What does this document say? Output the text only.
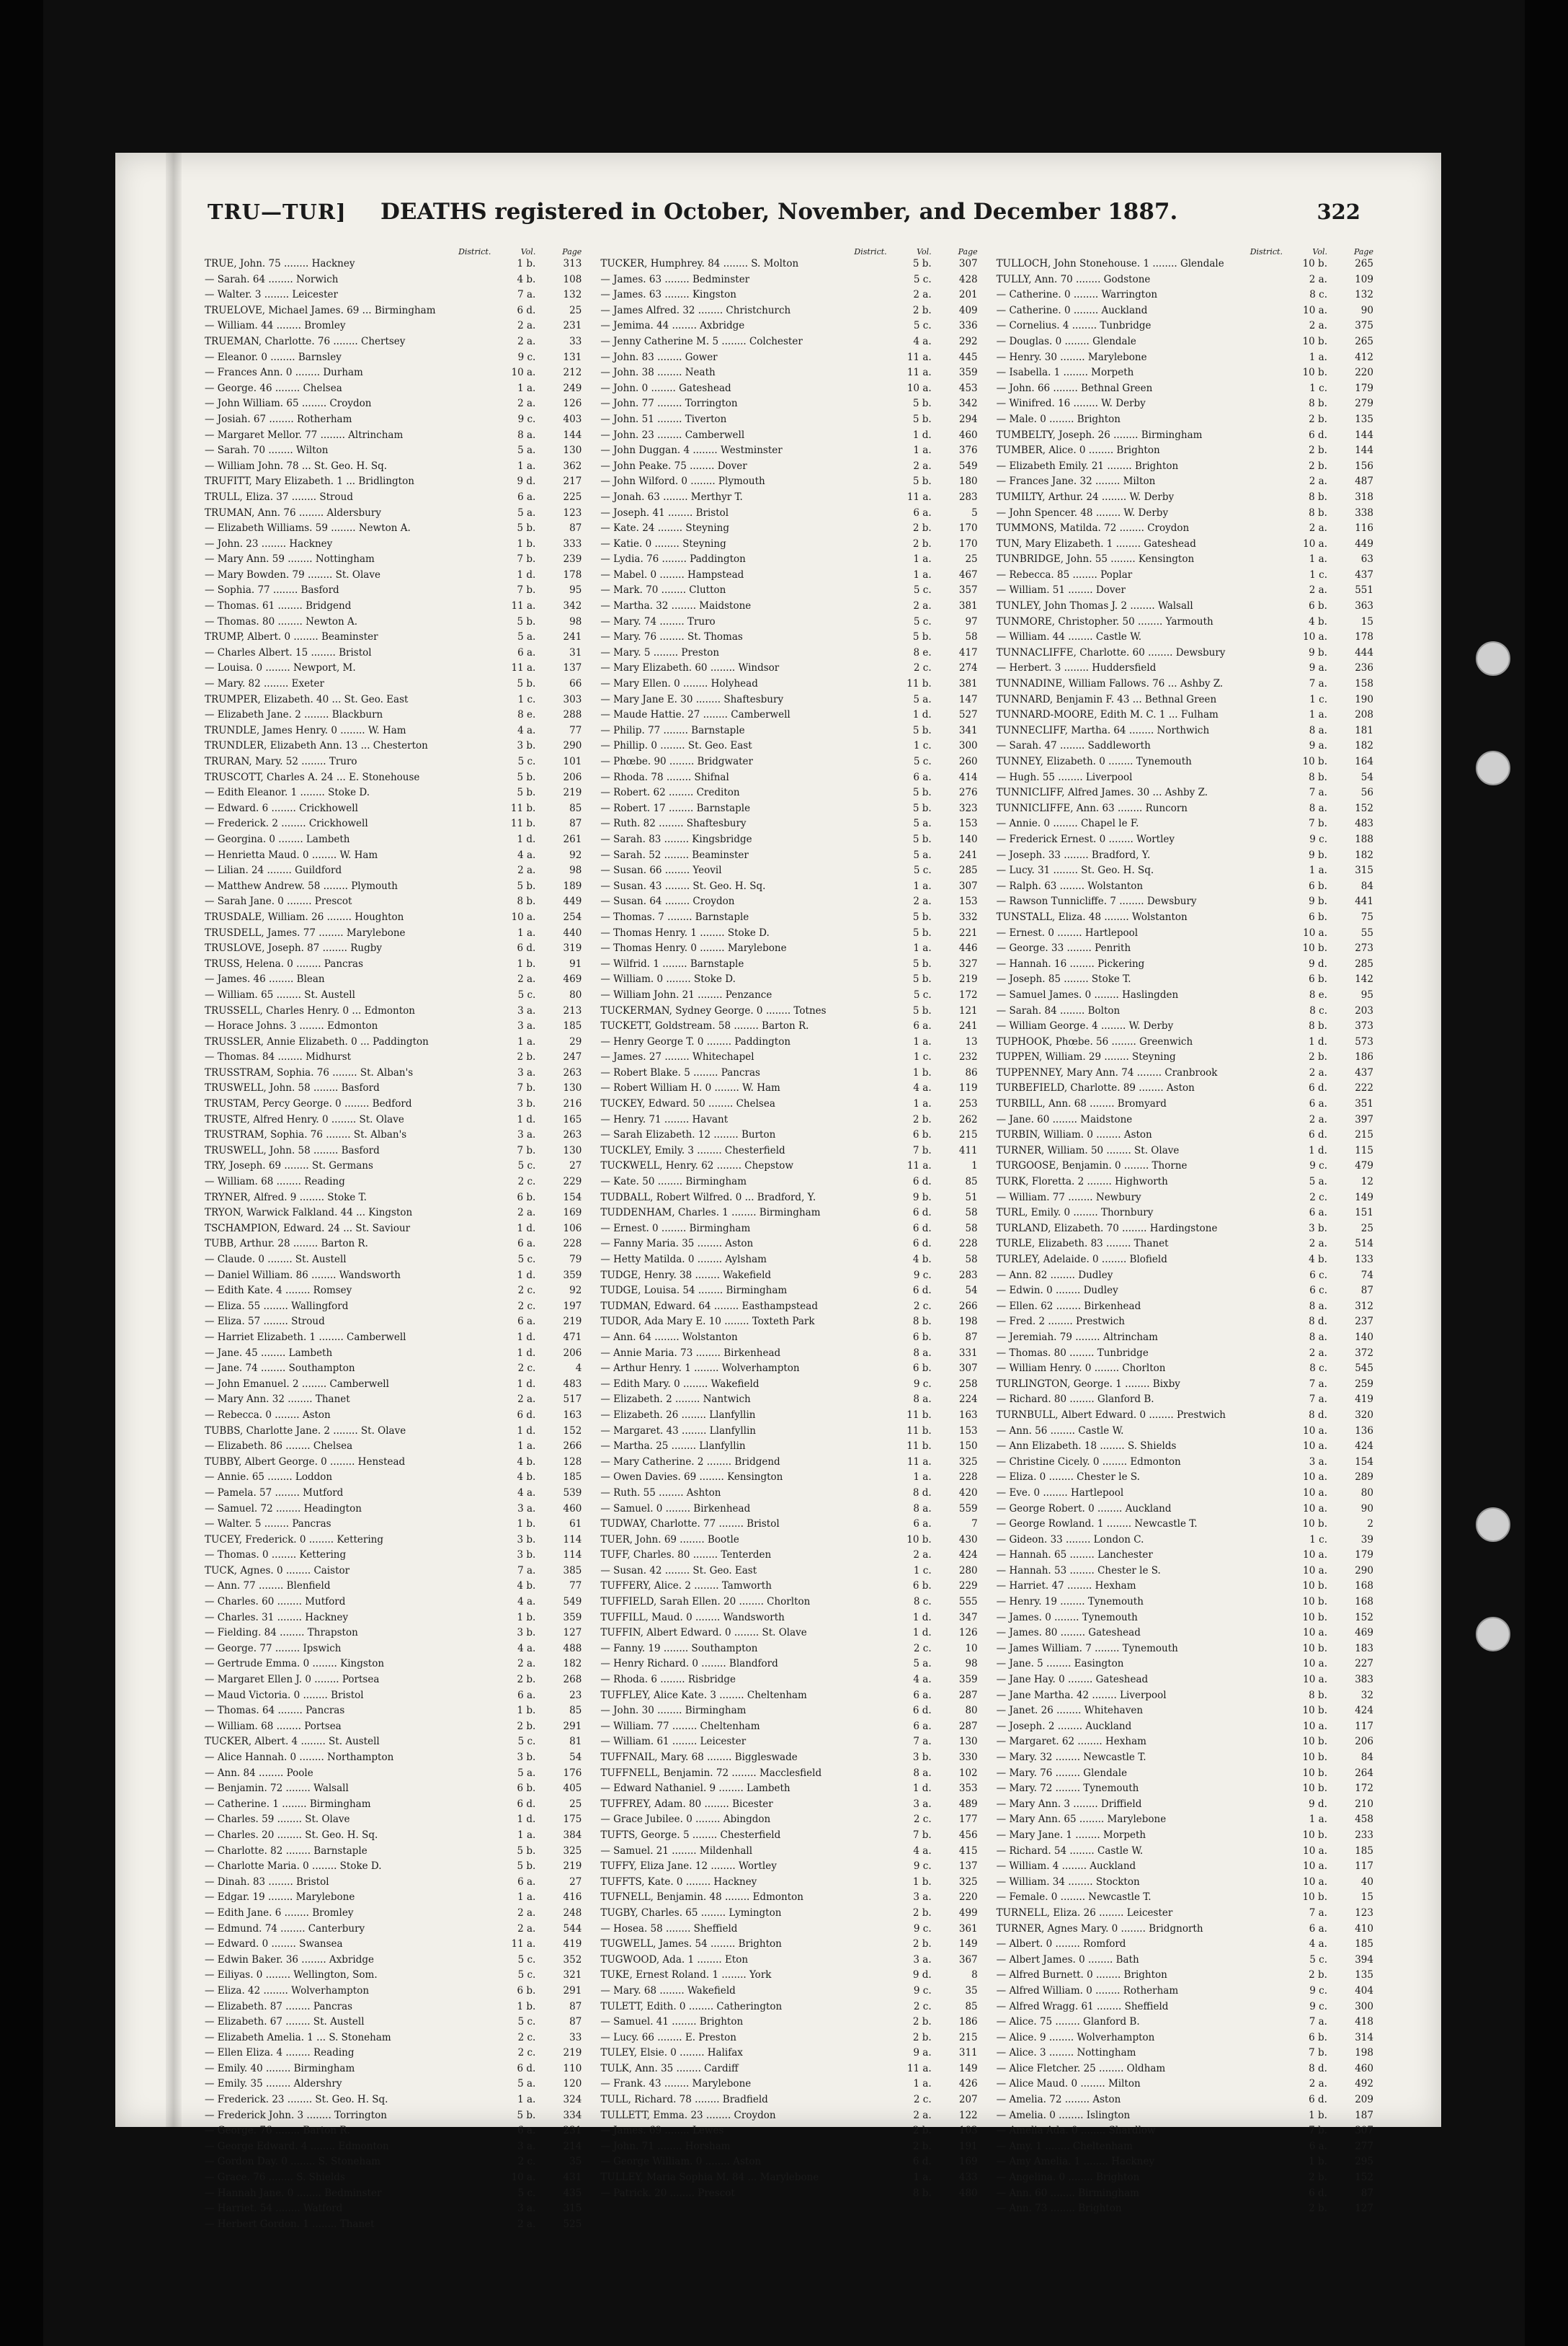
TRU—TUR]	DEATHS registered in October, November, and December 1887.	322
District.	Vol.	Page
TRUE, John. 75 ........ Hackney	1 b.	313
— Sarah. 64 ........ Norwich	4 b.	108
— Walter. 3 ........ Leicester	7 a.	132
TRUELOVE, Michael James. 69 ... Birmingham	6 d.	25
— William. 44 ........ Bromley	2 a.	231
TRUEMAN, Charlotte. 76 ........ Chertsey	2 a.	33
— Eleanor. 0 ........ Barnsley	9 c.	131
— Frances Ann. 0 ........ Durham	10 a.	212
— George. 46 ........ Chelsea	1 a.	249
— John William. 65 ........ Croydon	2 a.	126
— Josiah. 67 ........ Rotherham	9 c.	403
— Margaret Mellor. 77 ........ Altrincham	8 a.	144
— Sarah. 70 ........ Wilton	5 a.	130
— William John. 78 ... St. Geo. H. Sq.	1 a.	362
TRUFITT, Mary Elizabeth. 1 ... Bridlington	9 d.	217
TRULL, Eliza. 37 ........ Stroud	6 a.	225
TRUMAN, Ann. 76 ........ Aldersbury	5 a.	123
— Elizabeth Williams. 59 ........ Newton A.	5 b.	87
— John. 23 ........ Hackney	1 b.	333
— Mary Ann. 59 ........ Nottingham	7 b.	239
— Mary Bowden. 79 ........ St. Olave	1 d.	178
— Sophia. 77 ........ Basford	7 b.	95
— Thomas. 61 ........ Bridgend	11 a.	342
— Thomas. 80 ........ Newton A.	5 b.	98
TRUMP, Albert. 0 ........ Beaminster	5 a.	241
— Charles Albert. 15 ........ Bristol	6 a.	31
— Louisa. 0 ........ Newport, M.	11 a.	137
— Mary. 82 ........ Exeter	5 b.	66
TRUMPER, Elizabeth. 40 ... St. Geo. East	1 c.	303
— Elizabeth Jane. 2 ........ Blackburn	8 e.	288
TRUNDLE, James Henry. 0 ........ W. Ham	4 a.	77
TRUNDLER, Elizabeth Ann. 13 ... Chesterton	3 b.	290
TRURAN, Mary. 52 ........ Truro	5 c.	101
TRUSCOTT, Charles A. 24 ... E. Stonehouse	5 b.	206
— Edith Eleanor. 1 ........ Stoke D.	5 b.	219
— Edward. 6 ........ Crickhowell	11 b.	85
— Frederick. 2 ........ Crickhowell	11 b.	87
— Georgina. 0 ........ Lambeth	1 d.	261
— Henrietta Maud. 0 ........ W. Ham	4 a.	92
— Lilian. 24 ........ Guildford	2 a.	98
— Matthew Andrew. 58 ........ Plymouth	5 b.	189
— Sarah Jane. 0 ........ Prescot	8 b.	449
TRUSDALE, William. 26 ........ Houghton	10 a.	254
TRUSDELL, James. 77 ........ Marylebone	1 a.	440
TRUSLOVE, Joseph. 87 ........ Rugby	6 d.	319
TRUSS, Helena. 0 ........ Pancras	1 b.	91
— James. 46 ........ Blean	2 a.	469
— William. 65 ........ St. Austell	5 c.	80
TRUSSELL, Charles Henry. 0 ... Edmonton	3 a.	213
— Horace Johns. 3 ........ Edmonton	3 a.	185
TRUSSLER, Annie Elizabeth. 0 ... Paddington	1 a.	29
— Thomas. 84 ........ Midhurst	2 b.	247
TRUSSTRAM, Sophia. 76 ........ St. Alban's	3 a.	263
TRUSWELL, John. 58 ........ Basford	7 b.	130
TRUSTAM, Percy George. 0 ........ Bedford	3 b.	216
TRUSTE, Alfred Henry. 0 ........ St. Olave	1 d.	165
TRUSTRAM, Sophia. 76 ........ St. Alban's	3 a.	263
TRUSWELL, John. 58 ........ Basford	7 b.	130
TRY, Joseph. 69 ........ St. Germans	5 c.	27
— William. 68 ........ Reading	2 c.	229
TRYNER, Alfred. 9 ........ Stoke T.	6 b.	154
TRYON, Warwick Falkland. 44 ... Kingston	2 a.	169
TSCHAMPION, Edward. 24 ... St. Saviour	1 d.	106
TUBB, Arthur. 28 ........ Barton R.	6 a.	228
— Claude. 0 ........ St. Austell	5 c.	79
— Daniel William. 86 ........ Wandsworth	1 d.	359
— Edith Kate. 4 ........ Romsey	2 c.	92
— Eliza. 55 ........ Wallingford	2 c.	197
— Eliza. 57 ........ Stroud	6 a.	219
— Harriet Elizabeth. 1 ........ Camberwell	1 d.	471
— Jane. 45 ........ Lambeth	1 d.	206
— Jane. 74 ........ Southampton	2 c.	4
— John Emanuel. 2 ........ Camberwell	1 d.	483
— Mary Ann. 32 ........ Thanet	2 a.	517
— Rebecca. 0 ........ Aston	6 d.	163
TUBBS, Charlotte Jane. 2 ........ St. Olave	1 d.	152
— Elizabeth. 86 ........ Chelsea	1 a.	266
TUBBY, Albert George. 0 ........ Henstead	4 b.	128
— Annie. 65 ........ Loddon	4 b.	185
— Pamela. 57 ........ Mutford	4 a.	539
— Samuel. 72 ........ Headington	3 a.	460
— Walter. 5 ........ Pancras	1 b.	61
TUCEY, Frederick. 0 ........ Kettering	3 b.	114
— Thomas. 0 ........ Kettering	3 b.	114
TUCK, Agnes. 0 ........ Caistor	7 a.	385
— Ann. 77 ........ Blenfield	4 b.	77
— Charles. 60 ........ Mutford	4 a.	549
— Charles. 31 ........ Hackney	1 b.	359
— Fielding. 84 ........ Thrapston	3 b.	127
— George. 77 ........ Ipswich	4 a.	488
— Gertrude Emma. 0 ........ Kingston	2 a.	182
— Margaret Ellen J. 0 ........ Portsea	2 b.	268
— Maud Victoria. 0 ........ Bristol	6 a.	23
— Thomas. 64 ........ Pancras	1 b.	85
— William. 68 ........ Portsea	2 b.	291
TUCKER, Albert. 4 ........ St. Austell	5 c.	81
— Alice Hannah. 0 ........ Northampton	3 b.	54
— Ann. 84 ........ Poole	5 a.	176
— Benjamin. 72 ........ Walsall	6 b.	405
— Catherine. 1 ........ Birmingham	6 d.	25
— Charles. 59 ........ St. Olave	1 d.	175
— Charles. 20 ........ St. Geo. H. Sq.	1 a.	384
— Charlotte. 82 ........ Barnstaple	5 b.	325
— Charlotte Maria. 0 ........ Stoke D.	5 b.	219
— Dinah. 83 ........ Bristol	6 a.	27
— Edgar. 19 ........ Marylebone	1 a.	416
— Edith Jane. 6 ........ Bromley	2 a.	248
— Edmund. 74 ........ Canterbury	2 a.	544
— Edward. 0 ........ Swansea	11 a.	419
— Edwin Baker. 36 ........ Axbridge	5 c.	352
— Eiliyas. 0 ........ Wellington, Som.	5 c.	321
— Eliza. 42 ........ Wolverhampton	6 b.	291
— Elizabeth. 87 ........ Pancras	1 b.	87
— Elizabeth. 67 ........ St. Austell	5 c.	87
— Elizabeth Amelia. 1 ... S. Stoneham	2 c.	33
— Ellen Eliza. 4 ........ Reading	2 c.	219
— Emily. 40 ........ Birmingham	6 d.	110
— Emily. 35 ........ Aldershry	5 a.	120
— Frederick. 23 ........ St. Geo. H. Sq.	1 a.	324
— Frederick John. 3 ........ Torrington	5 b.	334
— George. 76 ........ Barton R.	6 a.	231
— George Edward. 4 ........ Edmonton	3 a.	214
— Gordon Day. 0 ........ S. Stoneham	2 c.	35
— Grace. 76 ........ S. Shields	10 a.	431
— Hannah Jane. 0 ........ Bedminster	5 c.	435
— Harriet. 54 ........ Watford	3 a.	315
— Herbert Gordon. 1 ........ Thanet	2 a.	525
District.	Vol.	Page
TUCKER, Humphrey. 84 ........ S. Molton	5 b.	307
— James. 63 ........ Bedminster	5 c.	428
— James. 63 ........ Kingston	2 a.	201
— James Alfred. 32 ........ Christchurch	2 b.	409
— Jemima. 44 ........ Axbridge	5 c.	336
— Jenny Catherine M. 5 ........ Colchester	4 a.	292
— John. 83 ........ Gower	11 a.	445
— John. 38 ........ Neath	11 a.	359
— John. 0 ........ Gateshead	10 a.	453
— John. 77 ........ Torrington	5 b.	342
— John. 51 ........ Tiverton	5 b.	294
— John. 23 ........ Camberwell	1 d.	460
— John Duggan. 4 ........ Westminster	1 a.	376
— John Peake. 75 ........ Dover	2 a.	549
— John Wilford. 0 ........ Plymouth	5 b.	180
— Jonah. 63 ........ Merthyr T.	11 a.	283
— Joseph. 41 ........ Bristol	6 a.	5
— Kate. 24 ........ Steyning	2 b.	170
— Katie. 0 ........ Steyning	2 b.	170
— Lydia. 76 ........ Paddington	1 a.	25
— Mabel. 0 ........ Hampstead	1 a.	467
— Mark. 70 ........ Clutton	5 c.	357
— Martha. 32 ........ Maidstone	2 a.	381
— Mary. 74 ........ Truro	5 c.	97
— Mary. 76 ........ St. Thomas	5 b.	58
— Mary. 5 ........ Preston	8 e.	417
— Mary Elizabeth. 60 ........ Windsor	2 c.	274
— Mary Ellen. 0 ........ Holyhead	11 b.	381
— Mary Jane E. 30 ........ Shaftesbury	5 a.	147
— Maude Hattie. 27 ........ Camberwell	1 d.	527
— Philip. 77 ........ Barnstaple	5 b.	341
— Phillip. 0 ........ St. Geo. East	1 c.	300
— Phœbe. 90 ........ Bridgwater	5 c.	260
— Rhoda. 78 ........ Shifnal	6 a.	414
— Robert. 62 ........ Crediton	5 b.	276
— Robert. 17 ........ Barnstaple	5 b.	323
— Ruth. 82 ........ Shaftesbury	5 a.	153
— Sarah. 83 ........ Kingsbridge	5 b.	140
— Sarah. 52 ........ Beaminster	5 a.	241
— Susan. 66 ........ Yeovil	5 c.	285
— Susan. 43 ........ St. Geo. H. Sq.	1 a.	307
— Susan. 64 ........ Croydon	2 a.	153
— Thomas. 7 ........ Barnstaple	5 b.	332
— Thomas Henry. 1 ........ Stoke D.	5 b.	221
— Thomas Henry. 0 ........ Marylebone	1 a.	446
— Wilfrid. 1 ........ Barnstaple	5 b.	327
— William. 0 ........ Stoke D.	5 b.	219
— William John. 21 ........ Penzance	5 c.	172
TUCKERMAN, Sydney George. 0 ........ Totnes	5 b.	121
TUCKETT, Goldstream. 58 ........ Barton R.	6 a.	241
— Henry George T. 0 ........ Paddington	1 a.	13
— James. 27 ........ Whitechapel	1 c.	232
— Robert Blake. 5 ........ Pancras	1 b.	86
— Robert William H. 0 ........ W. Ham	4 a.	119
TUCKEY, Edward. 50 ........ Chelsea	1 a.	253
— Henry. 71 ........ Havant	2 b.	262
— Sarah Elizabeth. 12 ........ Burton	6 b.	215
TUCKLEY, Emily. 3 ........ Chesterfield	7 b.	411
TUCKWELL, Henry. 62 ........ Chepstow	11 a.	1
— Kate. 50 ........ Birmingham	6 d.	85
TUDBALL, Robert Wilfred. 0 ... Bradford, Y.	9 b.	51
TUDDENHAM, Charles. 1 ........ Birmingham	6 d.	58
— Ernest. 0 ........ Birmingham	6 d.	58
— Fanny Maria. 35 ........ Aston	6 d.	228
— Hetty Matilda. 0 ........ Aylsham	4 b.	58
TUDGE, Henry. 38 ........ Wakefield	9 c.	283
TUDGE, Louisa. 54 ........ Birmingham	6 d.	54
TUDMAN, Edward. 64 ........ Easthampstead	2 c.	266
TUDOR, Ada Mary E. 10 ........ Toxteth Park	8 b.	198
— Ann. 64 ........ Wolstanton	6 b.	87
— Annie Maria. 73 ........ Birkenhead	8 a.	331
— Arthur Henry. 1 ........ Wolverhampton	6 b.	307
— Edith Mary. 0 ........ Wakefield	9 c.	258
— Elizabeth. 2 ........ Nantwich	8 a.	224
— Elizabeth. 26 ........ Llanfyllin	11 b.	163
— Margaret. 43 ........ Llanfyllin	11 b.	153
— Martha. 25 ........ Llanfyllin	11 b.	150
— Mary Catherine. 2 ........ Bridgend	11 a.	325
— Owen Davies. 69 ........ Kensington	1 a.	228
— Ruth. 55 ........ Ashton	8 d.	420
— Samuel. 0 ........ Birkenhead	8 a.	559
TUDWAY, Charlotte. 77 ........ Bristol	6 a.	7
TUER, John. 69 ........ Bootle	10 b.	430
TUFF, Charles. 80 ........ Tenterden	2 a.	424
— Susan. 42 ........ St. Geo. East	1 c.	280
TUFFERY, Alice. 2 ........ Tamworth	6 b.	229
TUFFIELD, Sarah Ellen. 20 ........ Chorlton	8 c.	555
TUFFILL, Maud. 0 ........ Wandsworth	1 d.	347
TUFFIN, Albert Edward. 0 ........ St. Olave	1 d.	126
— Fanny. 19 ........ Southampton	2 c.	10
— Henry Richard. 0 ........ Blandford	5 a.	98
— Rhoda. 6 ........ Risbridge	4 a.	359
TUFFLEY, Alice Kate. 3 ........ Cheltenham	6 a.	287
— John. 30 ........ Birmingham	6 d.	80
— William. 77 ........ Cheltenham	6 a.	287
— William. 61 ........ Leicester	7 a.	130
TUFFNAIL, Mary. 68 ........ Biggleswade	3 b.	330
TUFFNELL, Benjamin. 72 ........ Macclesfield	8 a.	102
— Edward Nathaniel. 9 ........ Lambeth	1 d.	353
TUFFREY, Adam. 80 ........ Bicester	3 a.	489
— Grace Jubilee. 0 ........ Abingdon	2 c.	177
TUFTS, George. 5 ........ Chesterfield	7 b.	456
— Samuel. 21 ........ Mildenhall	4 a.	415
TUFFY, Eliza Jane. 12 ........ Wortley	9 c.	137
TUFFTS, Kate. 0 ........ Hackney	1 b.	325
TUFNELL, Benjamin. 48 ........ Edmonton	3 a.	220
TUGBY, Charles. 65 ........ Lymington	2 b.	499
— Hosea. 58 ........ Sheffield	9 c.	361
TUGWELL, James. 54 ........ Brighton	2 b.	149
TUGWOOD, Ada. 1 ........ Eton	3 a.	367
TUKE, Ernest Roland. 1 ........ York	9 d.	8
— Mary. 68 ........ Wakefield	9 c.	35
TULETT, Edith. 0 ........ Catherington	2 c.	85
— Samuel. 41 ........ Brighton	2 b.	186
— Lucy. 66 ........ E. Preston	2 b.	215
TULEY, Elsie. 0 ........ Halifax	9 a.	311
TULK, Ann. 35 ........ Cardiff	11 a.	149
— Frank. 43 ........ Marylebone	1 a.	426
TULL, Richard. 78 ........ Bradfield	2 c.	207
TULLETT, Emma. 23 ........ Croydon	2 a.	122
— James. 69 ........ Lewes	2 b.	103
— John. 71 ........ Horsham	2 b.	191
— George William. 0 ........ Aston	6 d.	169
TULLEY, Maria Sophia M. 84 ... Marylebone	1 a.	433
— Patrick. 20 ........ Prescot	8 b.	480
District.	Vol.	Page
TULLOCH, John Stonehouse. 1 ........ Glendale	10 b.	265
TULLY, Ann. 70 ........ Godstone	2 a.	109
— Catherine. 0 ........ Warrington	8 c.	132
— Catherine. 0 ........ Auckland	10 a.	90
— Cornelius. 4 ........ Tunbridge	2 a.	375
— Douglas. 0 ........ Glendale	10 b.	265
— Henry. 30 ........ Marylebone	1 a.	412
— Isabella. 1 ........ Morpeth	10 b.	220
— John. 66 ........ Bethnal Green	1 c.	179
— Winifred. 16 ........ W. Derby	8 b.	279
— Male. 0 ........ Brighton	2 b.	135
TUMBELTY, Joseph. 26 ........ Birmingham	6 d.	144
TUMBER, Alice. 0 ........ Brighton	2 b.	144
— Elizabeth Emily. 21 ........ Brighton	2 b.	156
— Frances Jane. 32 ........ Milton	2 a.	487
TUMILTY, Arthur. 24 ........ W. Derby	8 b.	318
— John Spencer. 48 ........ W. Derby	8 b.	338
TUMMONS, Matilda. 72 ........ Croydon	2 a.	116
TUN, Mary Elizabeth. 1 ........ Gateshead	10 a.	449
TUNBRIDGE, John. 55 ........ Kensington	1 a.	63
— Rebecca. 85 ........ Poplar	1 c.	437
— William. 51 ........ Dover	2 a.	551
TUNLEY, John Thomas J. 2 ........ Walsall	6 b.	363
TUNMORE, Christopher. 50 ........ Yarmouth	4 b.	15
— William. 44 ........ Castle W.	10 a.	178
TUNNACLIFFE, Charlotte. 60 ........ Dewsbury	9 b.	444
— Herbert. 3 ........ Huddersfield	9 a.	236
TUNNADINE, William Fallows. 76 ... Ashby Z.	7 a.	158
TUNNARD, Benjamin F. 43 ... Bethnal Green	1 c.	190
TUNNARD-MOORE, Edith M. C. 1 ... Fulham	1 a.	208
TUNNECLIFF, Martha. 64 ........ Northwich	8 a.	181
— Sarah. 47 ........ Saddleworth	9 a.	182
TUNNEY, Elizabeth. 0 ........ Tynemouth	10 b.	164
— Hugh. 55 ........ Liverpool	8 b.	54
TUNNICLIFF, Alfred James. 30 ... Ashby Z.	7 a.	56
TUNNICLIFFE, Ann. 63 ........ Runcorn	8 a.	152
— Annie. 0 ........ Chapel le F.	7 b.	483
— Frederick Ernest. 0 ........ Wortley	9 c.	188
— Joseph. 33 ........ Bradford, Y.	9 b.	182
— Lucy. 31 ........ St. Geo. H. Sq.	1 a.	315
— Ralph. 63 ........ Wolstanton	6 b.	84
— Rawson Tunnicliffe. 7 ........ Dewsbury	9 b.	441
TUNSTALL, Eliza. 48 ........ Wolstanton	6 b.	75
— Ernest. 0 ........ Hartlepool	10 a.	55
— George. 33 ........ Penrith	10 b.	273
— Hannah. 16 ........ Pickering	9 d.	285
— Joseph. 85 ........ Stoke T.	6 b.	142
— Samuel James. 0 ........ Haslingden	8 e.	95
— Sarah. 84 ........ Bolton	8 c.	203
— William George. 4 ........ W. Derby	8 b.	373
TUPHOOK, Phœbe. 56 ........ Greenwich	1 d.	573
TUPPEN, William. 29 ........ Steyning	2 b.	186
TUPPENNEY, Mary Ann. 74 ........ Cranbrook	2 a.	437
TURBEFIELD, Charlotte. 89 ........ Aston	6 d.	222
TURBILL, Ann. 68 ........ Bromyard	6 a.	351
— Jane. 60 ........ Maidstone	2 a.	397
TURBIN, William. 0 ........ Aston	6 d.	215
TURNER, William. 50 ........ St. Olave	1 d.	115
TURGOOSE, Benjamin. 0 ........ Thorne	9 c.	479
TURK, Floretta. 2 ........ Highworth	5 a.	12
— William. 77 ........ Newbury	2 c.	149
TURL, Emily. 0 ........ Thornbury	6 a.	151
TURLAND, Elizabeth. 70 ........ Hardingstone	3 b.	25
TURLE, Elizabeth. 83 ........ Thanet	2 a.	514
TURLEY, Adelaide. 0 ........ Blofield	4 b.	133
— Ann. 82 ........ Dudley	6 c.	74
— Edwin. 0 ........ Dudley	6 c.	87
— Ellen. 62 ........ Birkenhead	8 a.	312
— Fred. 2 ........ Prestwich	8 d.	237
— Jeremiah. 79 ........ Altrincham	8 a.	140
— Thomas. 80 ........ Tunbridge	2 a.	372
— William Henry. 0 ........ Chorlton	8 c.	545
TURLINGTON, George. 1 ........ Bixby	7 a.	259
— Richard. 80 ........ Glanford B.	7 a.	419
TURNBULL, Albert Edward. 0 ........ Prestwich	8 d.	320
— Ann. 56 ........ Castle W.	10 a.	136
— Ann Elizabeth. 18 ........ S. Shields	10 a.	424
— Christine Cicely. 0 ........ Edmonton	3 a.	154
— Eliza. 0 ........ Chester le S.	10 a.	289
— Eve. 0 ........ Hartlepool	10 a.	80
— George Robert. 0 ........ Auckland	10 a.	90
— George Rowland. 1 ........ Newcastle T.	10 b.	2
— Gideon. 33 ........ London C.	1 c.	39
— Hannah. 65 ........ Lanchester	10 a.	179
— Hannah. 53 ........ Chester le S.	10 a.	290
— Harriet. 47 ........ Hexham	10 b.	168
— Henry. 19 ........ Tynemouth	10 b.	168
— James. 0 ........ Tynemouth	10 b.	152
— James. 80 ........ Gateshead	10 a.	469
— James William. 7 ........ Tynemouth	10 b.	183
— Jane. 5 ........ Easington	10 a.	227
— Jane Hay. 0 ........ Gateshead	10 a.	383
— Jane Martha. 42 ........ Liverpool	8 b.	32
— Janet. 26 ........ Whitehaven	10 b.	424
— Joseph. 2 ........ Auckland	10 a.	117
— Margaret. 62 ........ Hexham	10 b.	206
— Mary. 32 ........ Newcastle T.	10 b.	84
— Mary. 76 ........ Glendale	10 b.	264
— Mary. 72 ........ Tynemouth	10 b.	172
— Mary Ann. 3 ........ Driffield	9 d.	210
— Mary Ann. 65 ........ Marylebone	1 a.	458
— Mary Jane. 1 ........ Morpeth	10 b.	233
— Richard. 54 ........ Castle W.	10 a.	185
— William. 4 ........ Auckland	10 a.	117
— William. 34 ........ Stockton	10 a.	40
— Female. 0 ........ Newcastle T.	10 b.	15
TURNELL, Eliza. 26 ........ Leicester	7 a.	123
TURNER, Agnes Mary. 0 ........ Bridgnorth	6 a.	410
— Albert. 0 ........ Romford	4 a.	185
— Albert James. 0 ........ Bath	5 c.	394
— Alfred Burnett. 0 ........ Brighton	2 b.	135
— Alfred William. 0 ........ Rotherham	9 c.	404
— Alfred Wragg. 61 ........ Sheffield	9 c.	300
— Alice. 75 ........ Glanford B.	7 a.	418
— Alice. 9 ........ Wolverhampton	6 b.	314
— Alice. 3 ........ Nottingham	7 b.	198
— Alice Fletcher. 25 ........ Oldham	8 d.	460
— Alice Maud. 0 ........ Milton	2 a.	492
— Amelia. 72 ........ Aston	6 d.	209
— Amelia. 0 ........ Islington	1 b.	187
— Amelia Ada. 0 ........ Shardlow	7 b.	307
— Amy. 1 ........ Cheltenham	6 a.	277
— Amy Amelia. 1 ........ Hackney	1 b.	295
— Angelina. 0 ........ Brighton	2 b.	152
— Ann. 60 ........ Birmingham	6 d.	87
— Ann. 73 ........ Brighton	2 b.	127
